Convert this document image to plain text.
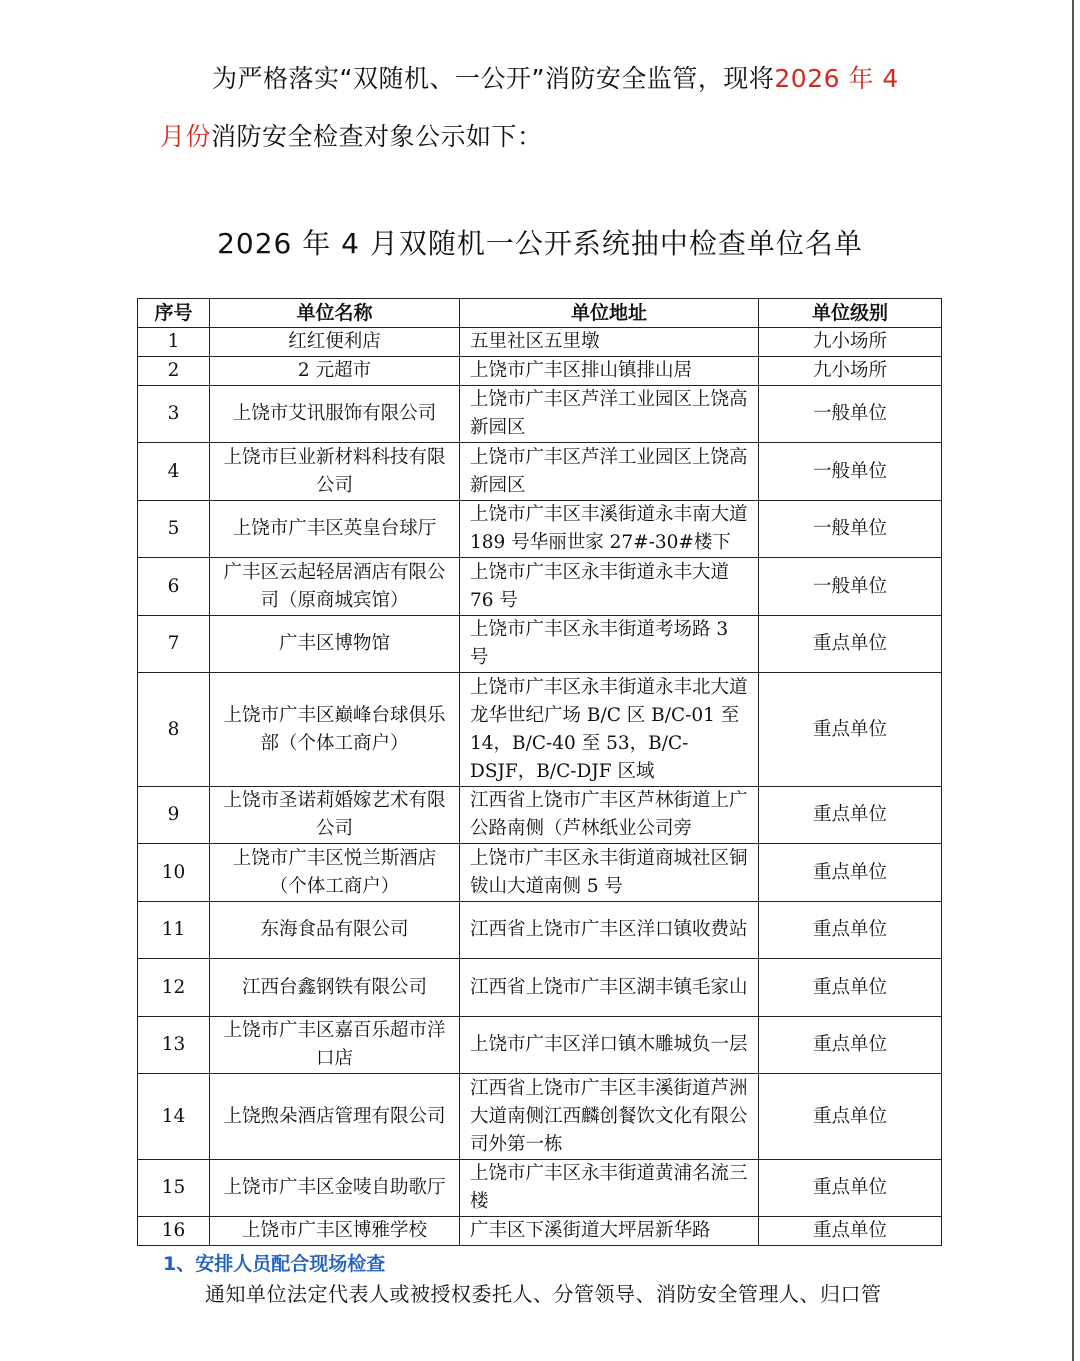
为严格落实“双随机、一公开”消防安全监管，现将2026 年 4
月份消防安全检查对象公示如下：
2026 年 4 月双随机一公开系统抽中检查单位名单
序号	单位名称	单位地址	单位级别
1	红红便利店	五里社区五里墩	九小场所
2	2 元超市	上饶市广丰区排山镇排山居	九小场所
3	上饶市艾讯服饰有限公司	上饶市广丰区芦洋工业园区上饶高新园区	一般单位
4	上饶市巨业新材料科技有限公司	上饶市广丰区芦洋工业园区上饶高新园区	一般单位
5	上饶市广丰区英皇台球厅	上饶市广丰区丰溪街道永丰南大道 189 号华丽世家 27#-30#楼下	一般单位
6	广丰区云起轻居酒店有限公司（原商城宾馆）	上饶市广丰区永丰街道永丰大道 76 号	一般单位
7	广丰区博物馆	上饶市广丰区永丰街道考场路 3 号	重点单位
8	上饶市广丰区巅峰台球俱乐部（个体工商户）	上饶市广丰区永丰街道永丰北大道龙华世纪广场 B/C 区 B/C-01 至 14，B/C-40 至 53，B/C-DSJF，B/C-DJF 区域	重点单位
9	上饶市圣诺莉婚嫁艺术有限公司	江西省上饶市广丰区芦林街道上广公路南侧（芦林纸业公司旁	重点单位
10	上饶市广丰区悦兰斯酒店（个体工商户）	上饶市广丰区永丰街道商城社区铜钹山大道南侧 5 号	重点单位
11	东海食品有限公司	江西省上饶市广丰区洋口镇收费站	重点单位
12	江西台鑫钢铁有限公司	江西省上饶市广丰区湖丰镇毛家山	重点单位
13	上饶市广丰区嘉百乐超市洋口店	上饶市广丰区洋口镇木雕城负一层	重点单位
14	上饶煦朵酒店管理有限公司	江西省上饶市广丰区丰溪街道芦洲大道南侧江西麟创餐饮文化有限公司外第一栋	重点单位
15	上饶市广丰区金唛自助歌厅	上饶市广丰区永丰街道黄浦名流三楼	重点单位
16	上饶市广丰区博雅学校	广丰区下溪街道大坪居新华路	重点单位
1、安排人员配合现场检查
通知单位法定代表人或被授权委托人、分管领导、消防安全管理人、归口管
